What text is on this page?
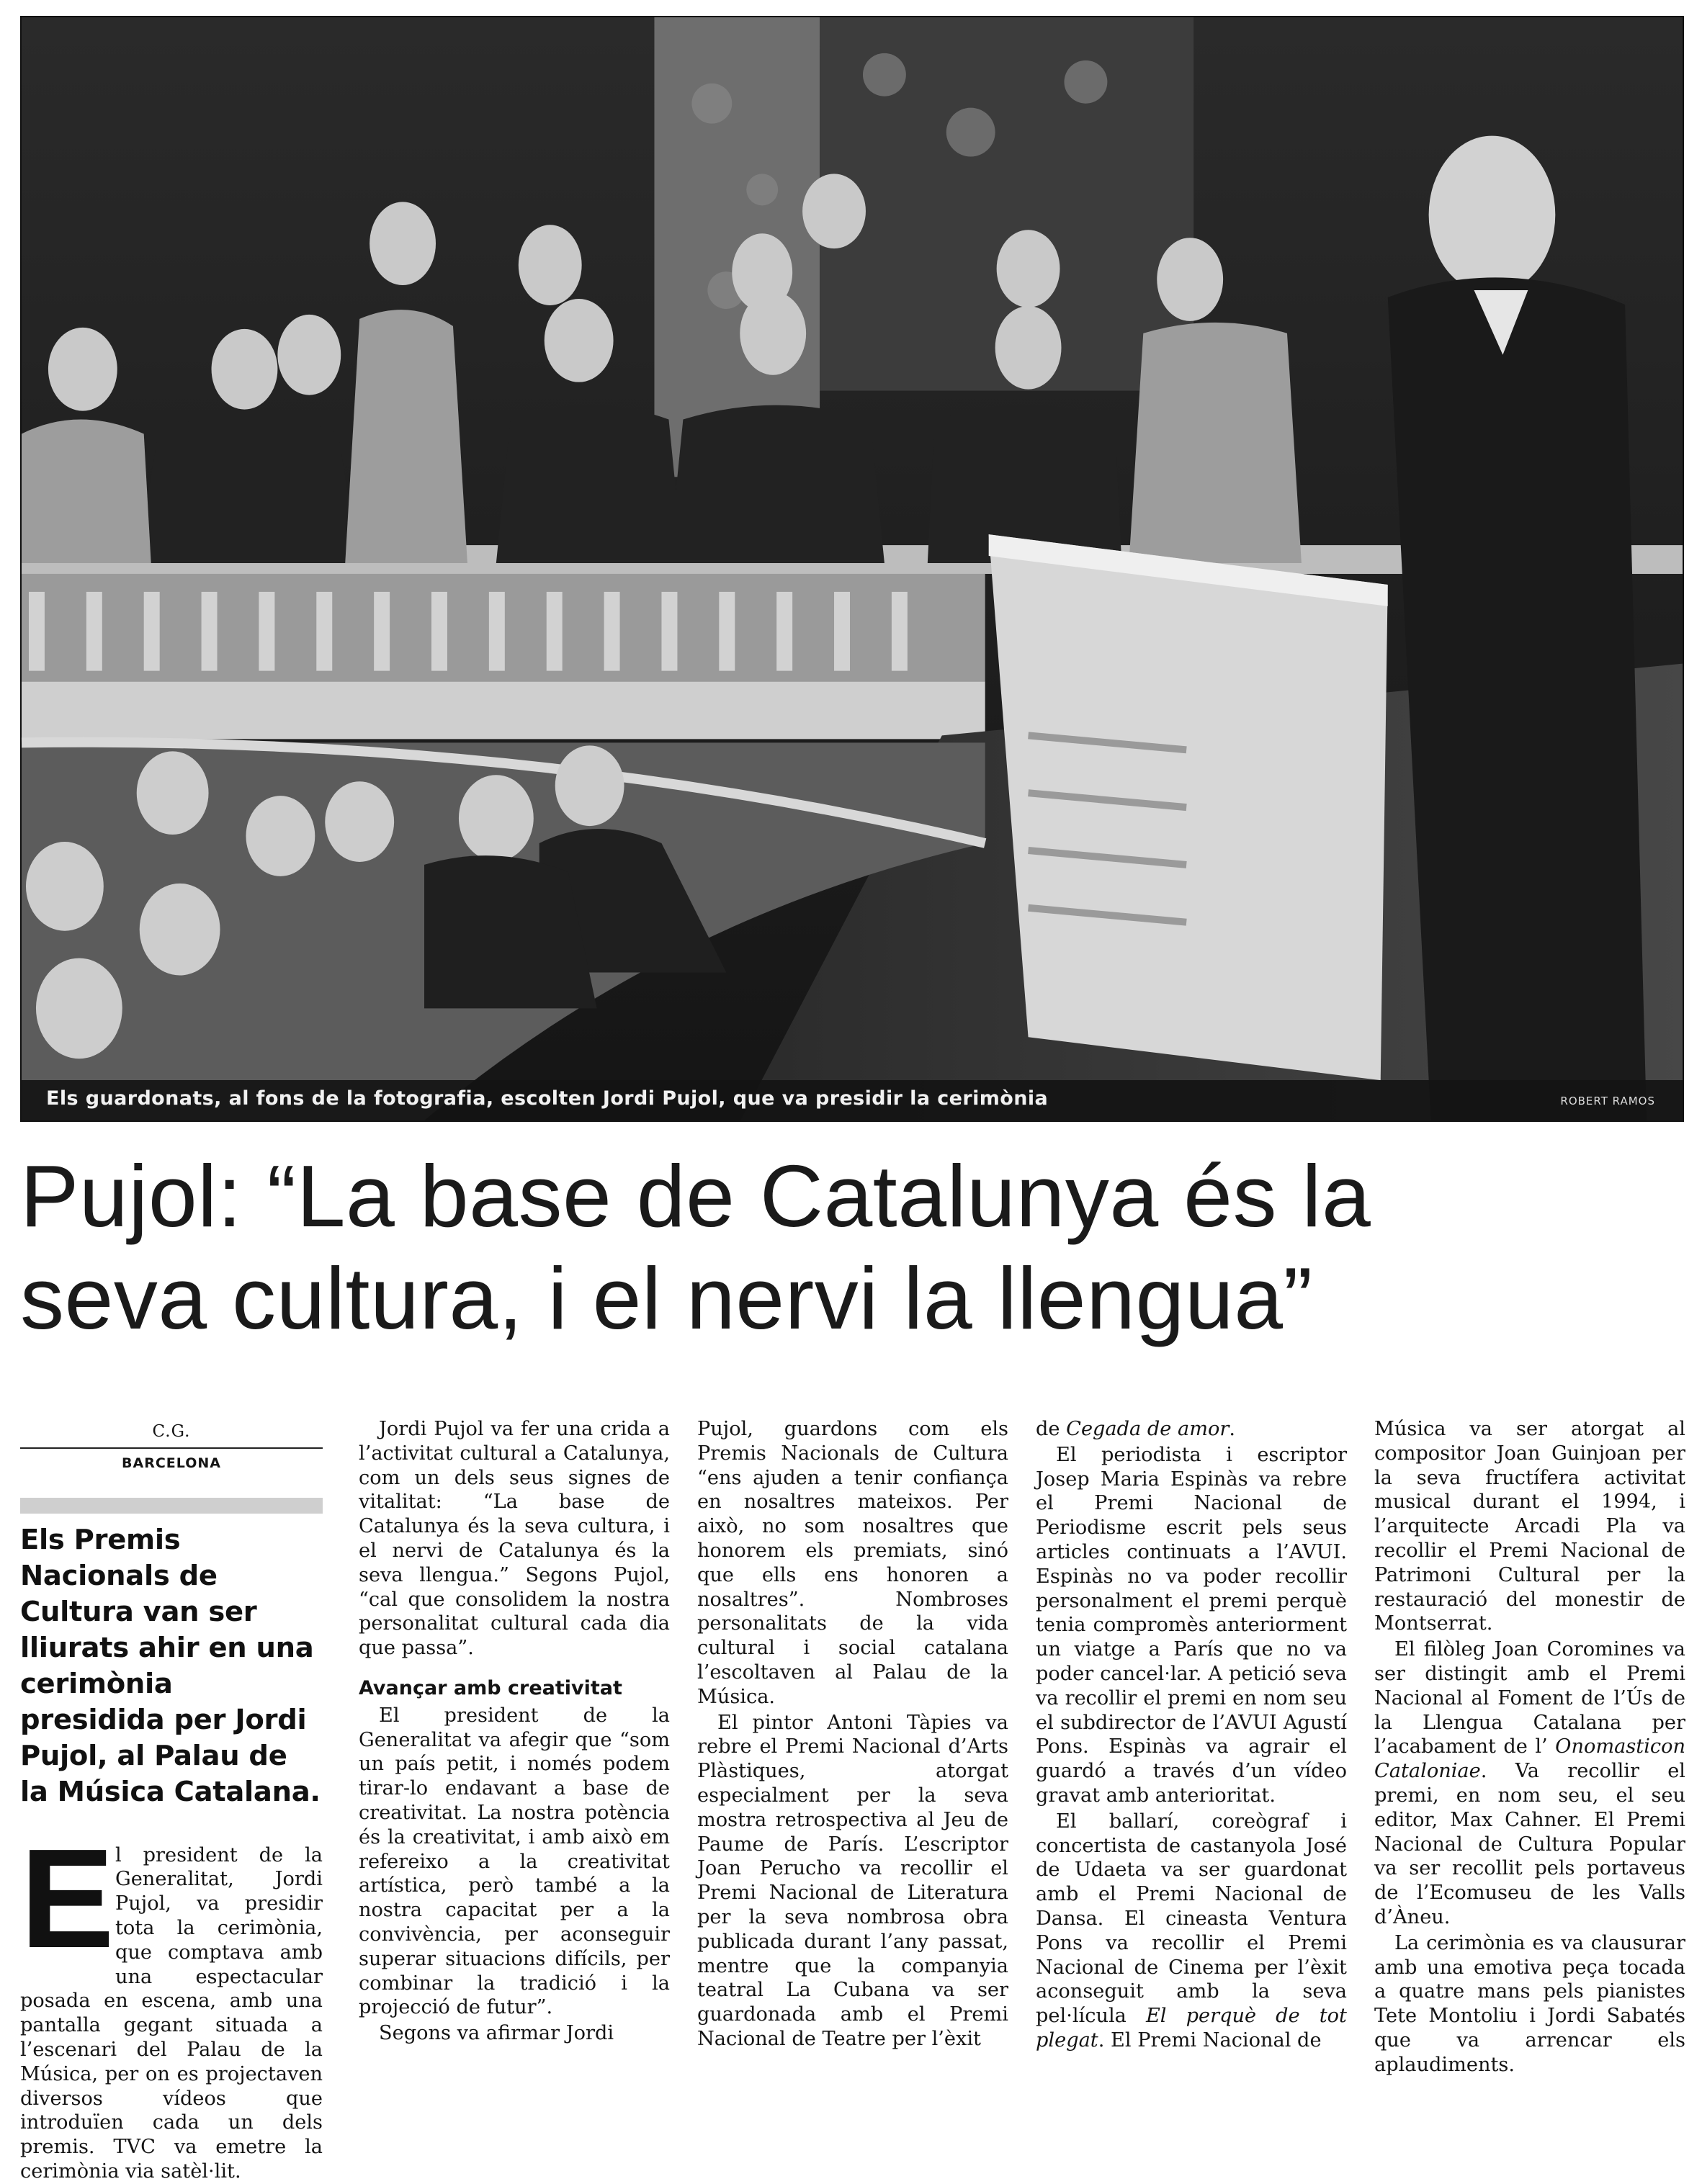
Els guardonats, al fons de la fotografia, escolten Jordi Pujol, que va presidir la cerimònia	ROBERT RAMOS
Pujol: “La base de Catalunya és la
seva cultura, i el nervi la llengua”
C.G.
BARCELONA

Els Premis Nacionals de Cultura van ser lliurats ahir en una cerimònia presidida per Jordi Pujol, al Palau de la Música Catalana.

E l president de la Generalitat, Jordi Pujol, va presidir tota la cerimònia, que comptava amb una espectacular posada en escena, amb una pantalla gegant situada a l’escenari del Palau de la Música, per on es projectaven diversos vídeos que introduïen cada un dels premis. TVC va emetre la cerimònia via satèl·lit.

Jordi Pujol va fer una crida a l’activitat cultural a Catalunya, com un dels seus signes de vitalitat: “La base de Catalunya és la seva cultura, i el nervi de Catalunya és la seva llengua.” Segons Pujol, “cal que consolidem la nostra personalitat cultural cada dia que passa”.

Avançar amb creativitat

El president de la Generalitat va afegir que “som un país petit, i només podem tirar-lo endavant a base de creativitat. La nostra potència és la creativitat, i amb això em refereixo a la creativitat artística, però també a la nostra capacitat per a la convivència, per aconseguir superar situacions difícils, per combinar la tradició i la projecció de futur”.

Segons va afirmar Jordi

Pujol, guardons com els Premis Nacionals de Cultura “ens ajuden a tenir confiança en nosaltres mateixos. Per això, no som nosaltres que honorem els premiats, sinó que ells ens honoren a nosaltres”. Nombroses personalitats de la vida cultural i social catalana l’escoltaven al Palau de la Música.

El pintor Antoni Tàpies va rebre el Premi Nacional d’Arts Plàstiques, atorgat especialment per la seva mostra retrospectiva al Jeu de Paume de París. L’escriptor Joan Perucho va recollir el Premi Nacional de Literatura per la seva nombrosa obra publicada durant l’any passat, mentre que la companyia teatral La Cubana va ser guardonada amb el Premi Nacional de Teatre per l’èxit

de Cegada de amor.

El periodista i escriptor Josep Maria Espinàs va rebre el Premi Nacional de Periodisme escrit pels seus articles continuats a l’AVUI. Espinàs no va poder recollir personalment el premi perquè tenia compromès anteriorment un viatge a París que no va poder cancel·lar. A petició seva va recollir el premi en nom seu el subdirector de l’AVUI Agustí Pons. Espinàs va agrair el guardó a través d’un vídeo gravat amb anterioritat.

El ballarí, coreògraf i concertista de castanyola José de Udaeta va ser guardonat amb el Premi Nacional de Dansa. El cineasta Ventura Pons va recollir el Premi Nacional de Cinema per l’èxit aconseguit amb la seva pel·lícula El perquè de tot plegat. El Premi Nacional de

Música va ser atorgat al compositor Joan Guinjoan per la seva fructífera activitat musical durant el 1994, i l’arquitecte Arcadi Pla va recollir el Premi Nacional de Patrimoni Cultural per la restauració del monestir de Montserrat.

El filòleg Joan Coromines va ser distingit amb el Premi Nacional al Foment de l’Ús de la Llengua Catalana per l’acabament de l’ Onomasticon Cataloniae. Va recollir el premi, en nom seu, el seu editor, Max Cahner. El Premi Nacional de Cultura Popular va ser recollit pels portaveus de l’Ecomuseu de les Valls d’Àneu.

La cerimònia es va clausurar amb una emotiva peça tocada a quatre mans pels pianistes Tete Montoliu i Jordi Sabatés que va arrencar els aplaudiments.
